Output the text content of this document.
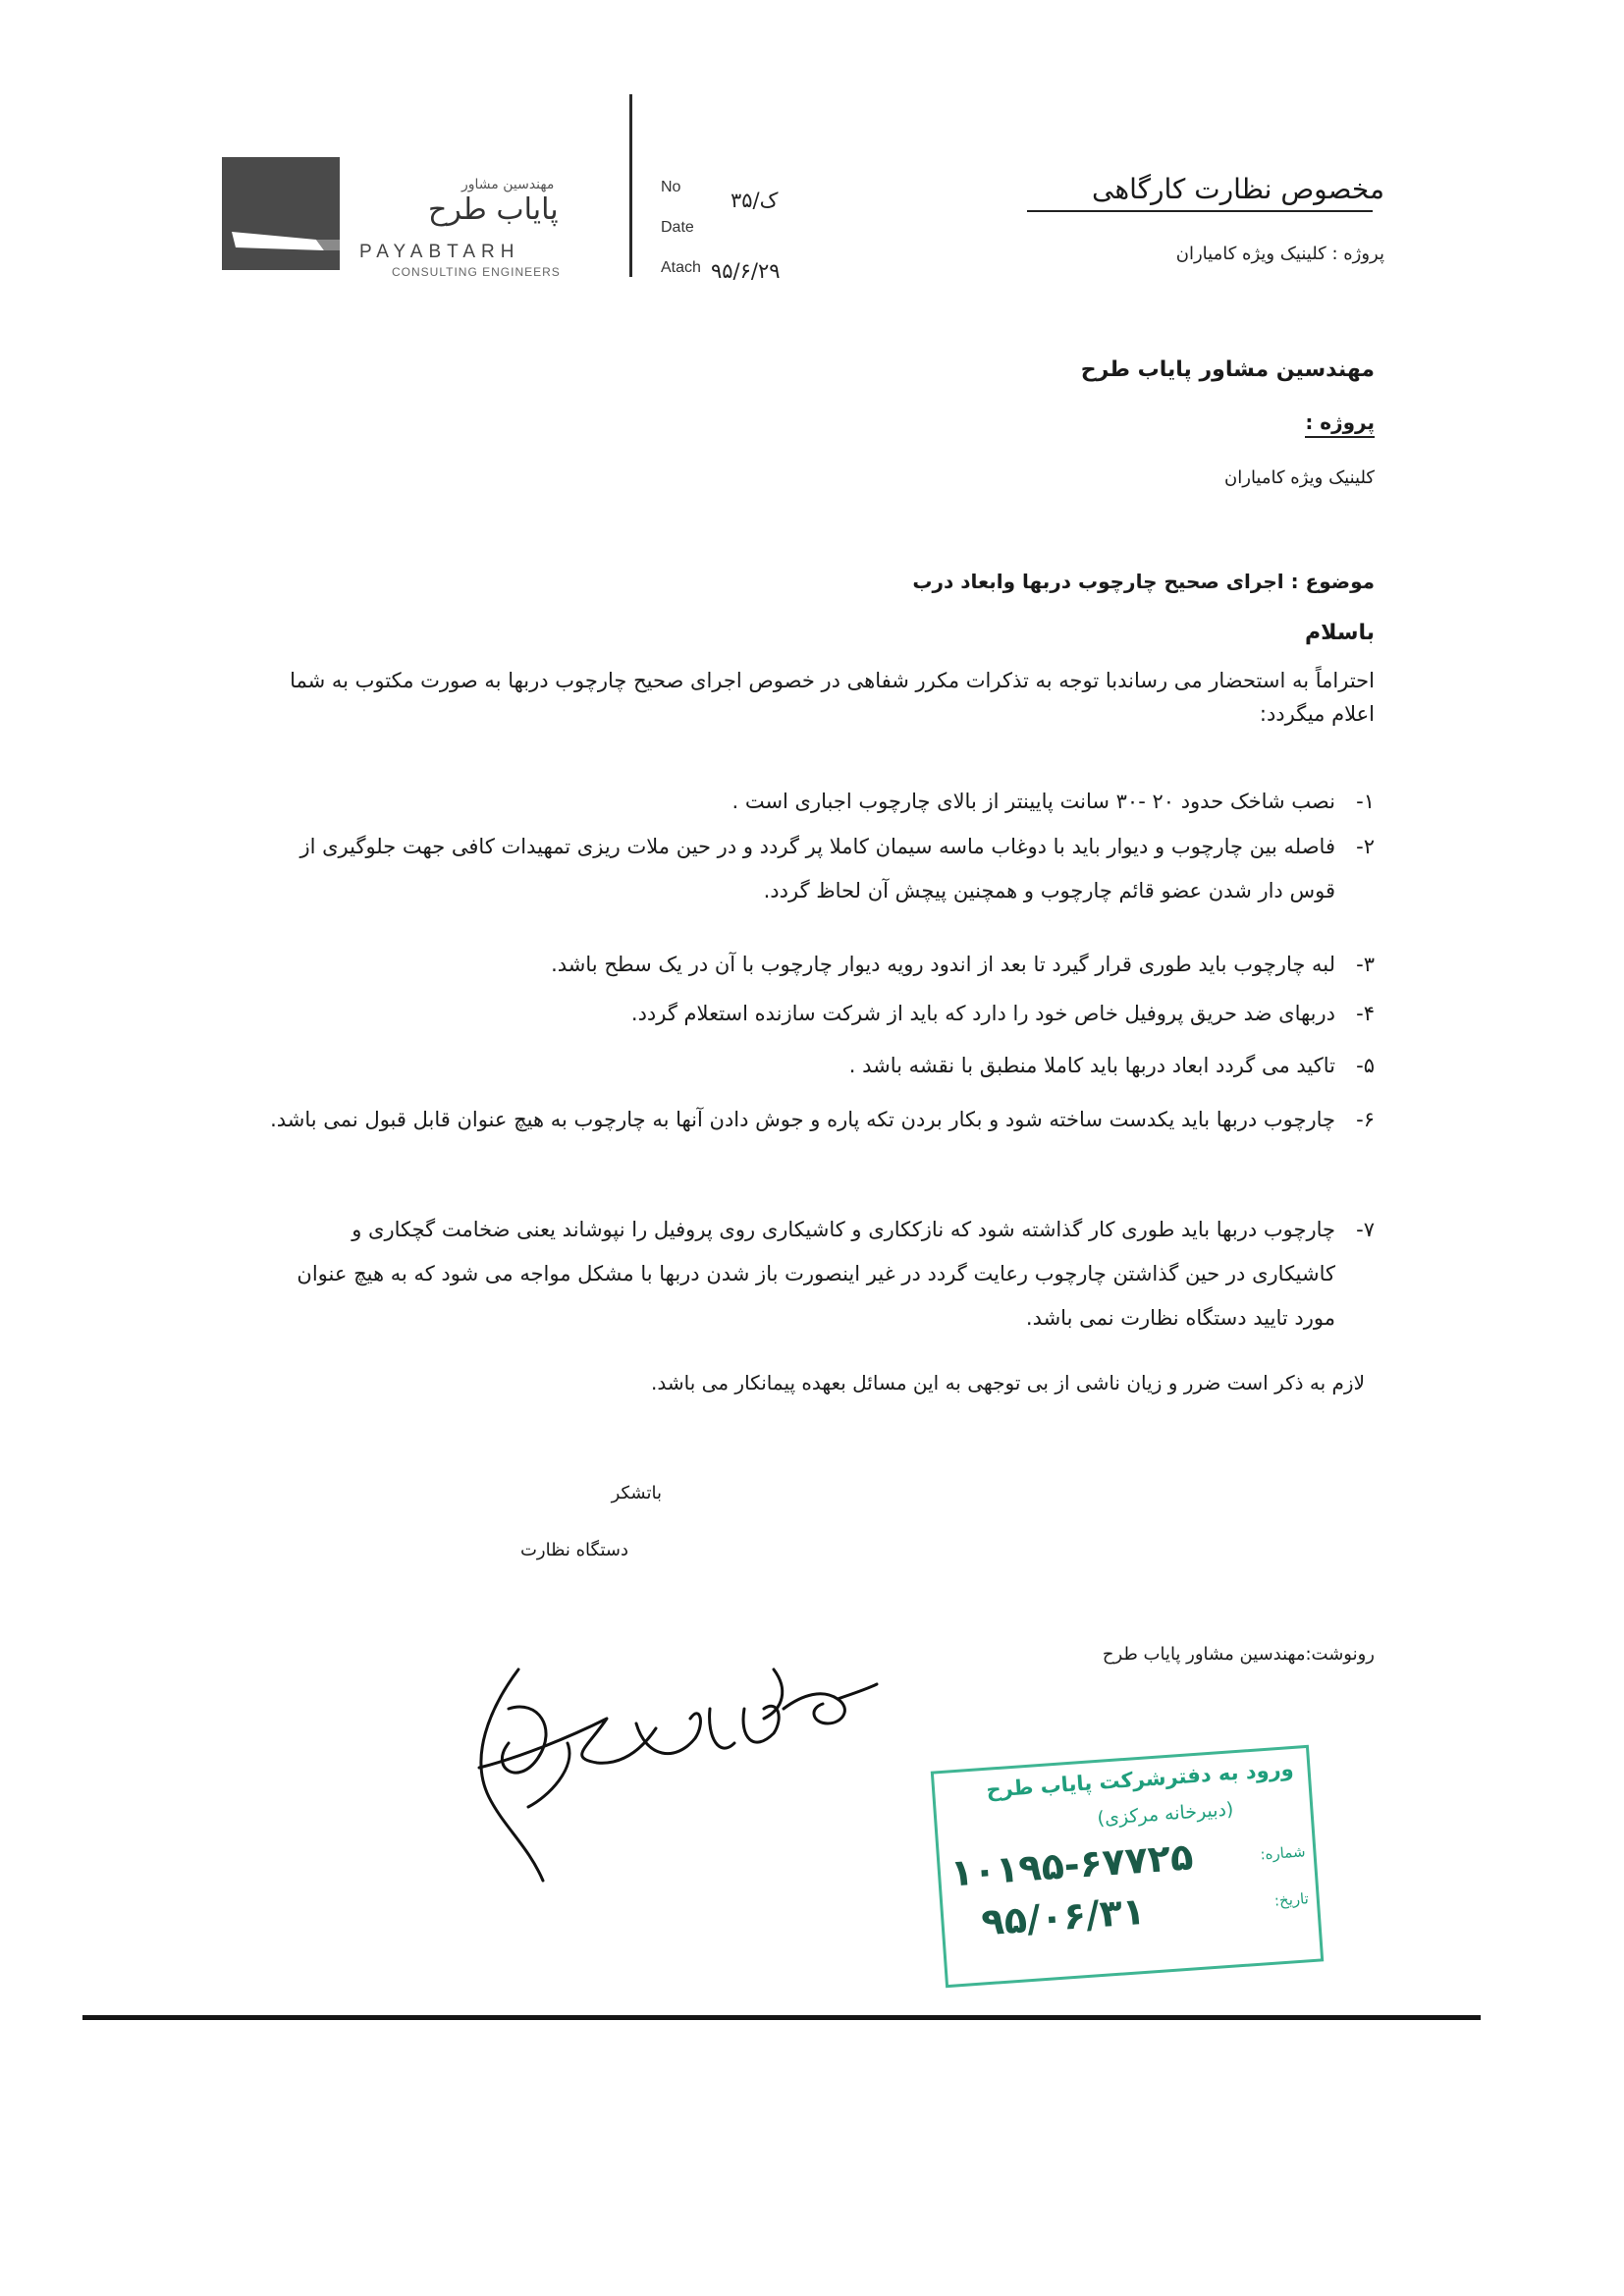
مهندسین مشاور
پایاب طرح
PAYABTARH
CONSULTING ENGINEERS
No
Date
Atach
۳۵/ک
۹۵/۶/۲۹
مخصوص نظارت کارگاهی
پروژه : کلینیک ویژه کامیاران
مهندسین مشاور پایاب طرح
پروژه :
کلینیک ویژه کامیاران
موضوع : اجرای صحیح چارچوب دربها وابعاد درب
باسلام
احتراماً به استحضار می رساندبا توجه به تذکرات مکرر شفاهی در خصوص اجرای صحیح چارچوب دربها به صورت مکتوب به شما اعلام میگردد:
۱-
نصب شاخک حدود ۲۰ -۳۰ سانت پایینتر از بالای چارچوب اجباری است .
۲-
فاصله بین چارچوب و دیوار باید با دوغاب ماسه سیمان کاملا پر گردد و در حین ملات ریزی تمهیدات کافی جهت جلوگیری از قوس دار شدن عضو قائم چارچوب و همچنین پیچش آن لحاظ گردد.
۳-
لبه چارچوب باید طوری قرار گیرد تا بعد از اندود رویه دیوار چارچوب با آن در یک سطح باشد.
۴-
دربهای ضد حریق پروفیل خاص خود را دارد که باید از شرکت سازنده استعلام گردد.
۵-
تاکید می گردد ابعاد دربها باید کاملا منطبق با نقشه باشد .
۶-
چارچوب دربها باید یکدست ساخته شود و بکار بردن تکه پاره و جوش دادن آنها به چارچوب به هیچ عنوان قابل قبول نمی باشد.
۷-
چارچوب دربها باید طوری کار گذاشته شود که نازککاری و کاشیکاری روی پروفیل را نپوشاند یعنی ضخامت گچکاری و کاشیکاری در حین گذاشتن چارچوب رعایت گردد در غیر اینصورت باز شدن دربها با مشکل مواجه می شود که به هیچ عنوان مورد تایید دستگاه نظارت نمی باشد.
لازم به ذکر است ضرر و زیان ناشی از بی توجهی به این مسائل بعهده پیمانکار می باشد.
باتشکر
دستگاه نظارت
رونوشت:مهندسین مشاور پایاب طرح
ورود به دفترشرکت پایاب طرح
(دبیرخانه مرکزی)
شماره:
تاریخ:
۱۰۱۹۵-۶۷۷۲۵
۹۵/۰۶/۳۱
